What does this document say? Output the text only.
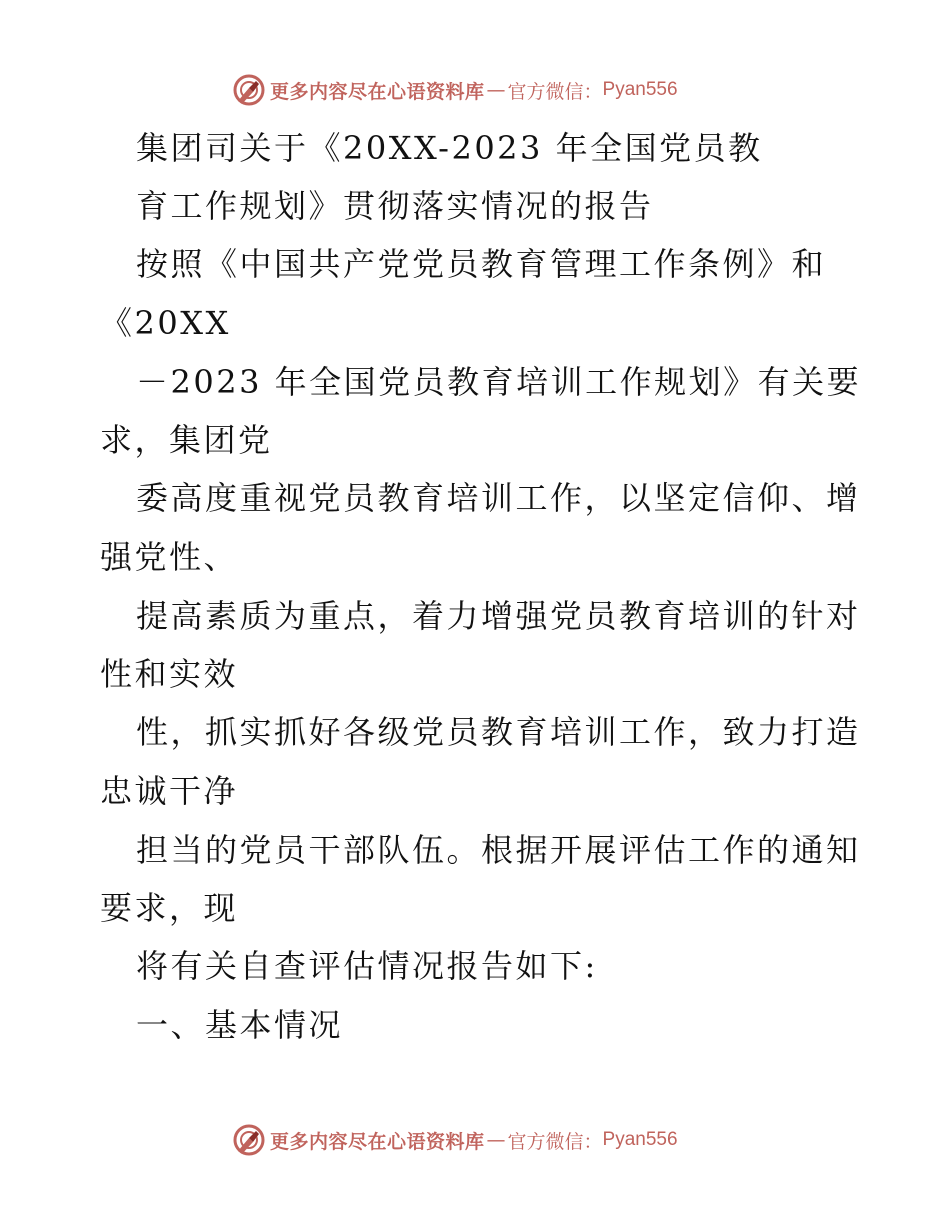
更多内容尽在心语资料库 — 官方微信： Pyan556
集团司关于《20XX-2023 年全国党员教
育工作规划》贯彻落实情况的报告
按照《中国共产党党员教育管理工作条例》和
《20XX
－2023 年全国党员教育培训工作规划》有关要
求，集团党
委高度重视党员教育培训工作，以坚定信仰、增
强党性、
提高素质为重点，着力增强党员教育培训的针对
性和实效
性，抓实抓好各级党员教育培训工作，致力打造
忠诚干净
担当的党员干部队伍。根据开展评估工作的通知
要求，现
将有关自查评估情况报告如下:
一、基本情况
更多内容尽在心语资料库 — 官方微信： Pyan556
